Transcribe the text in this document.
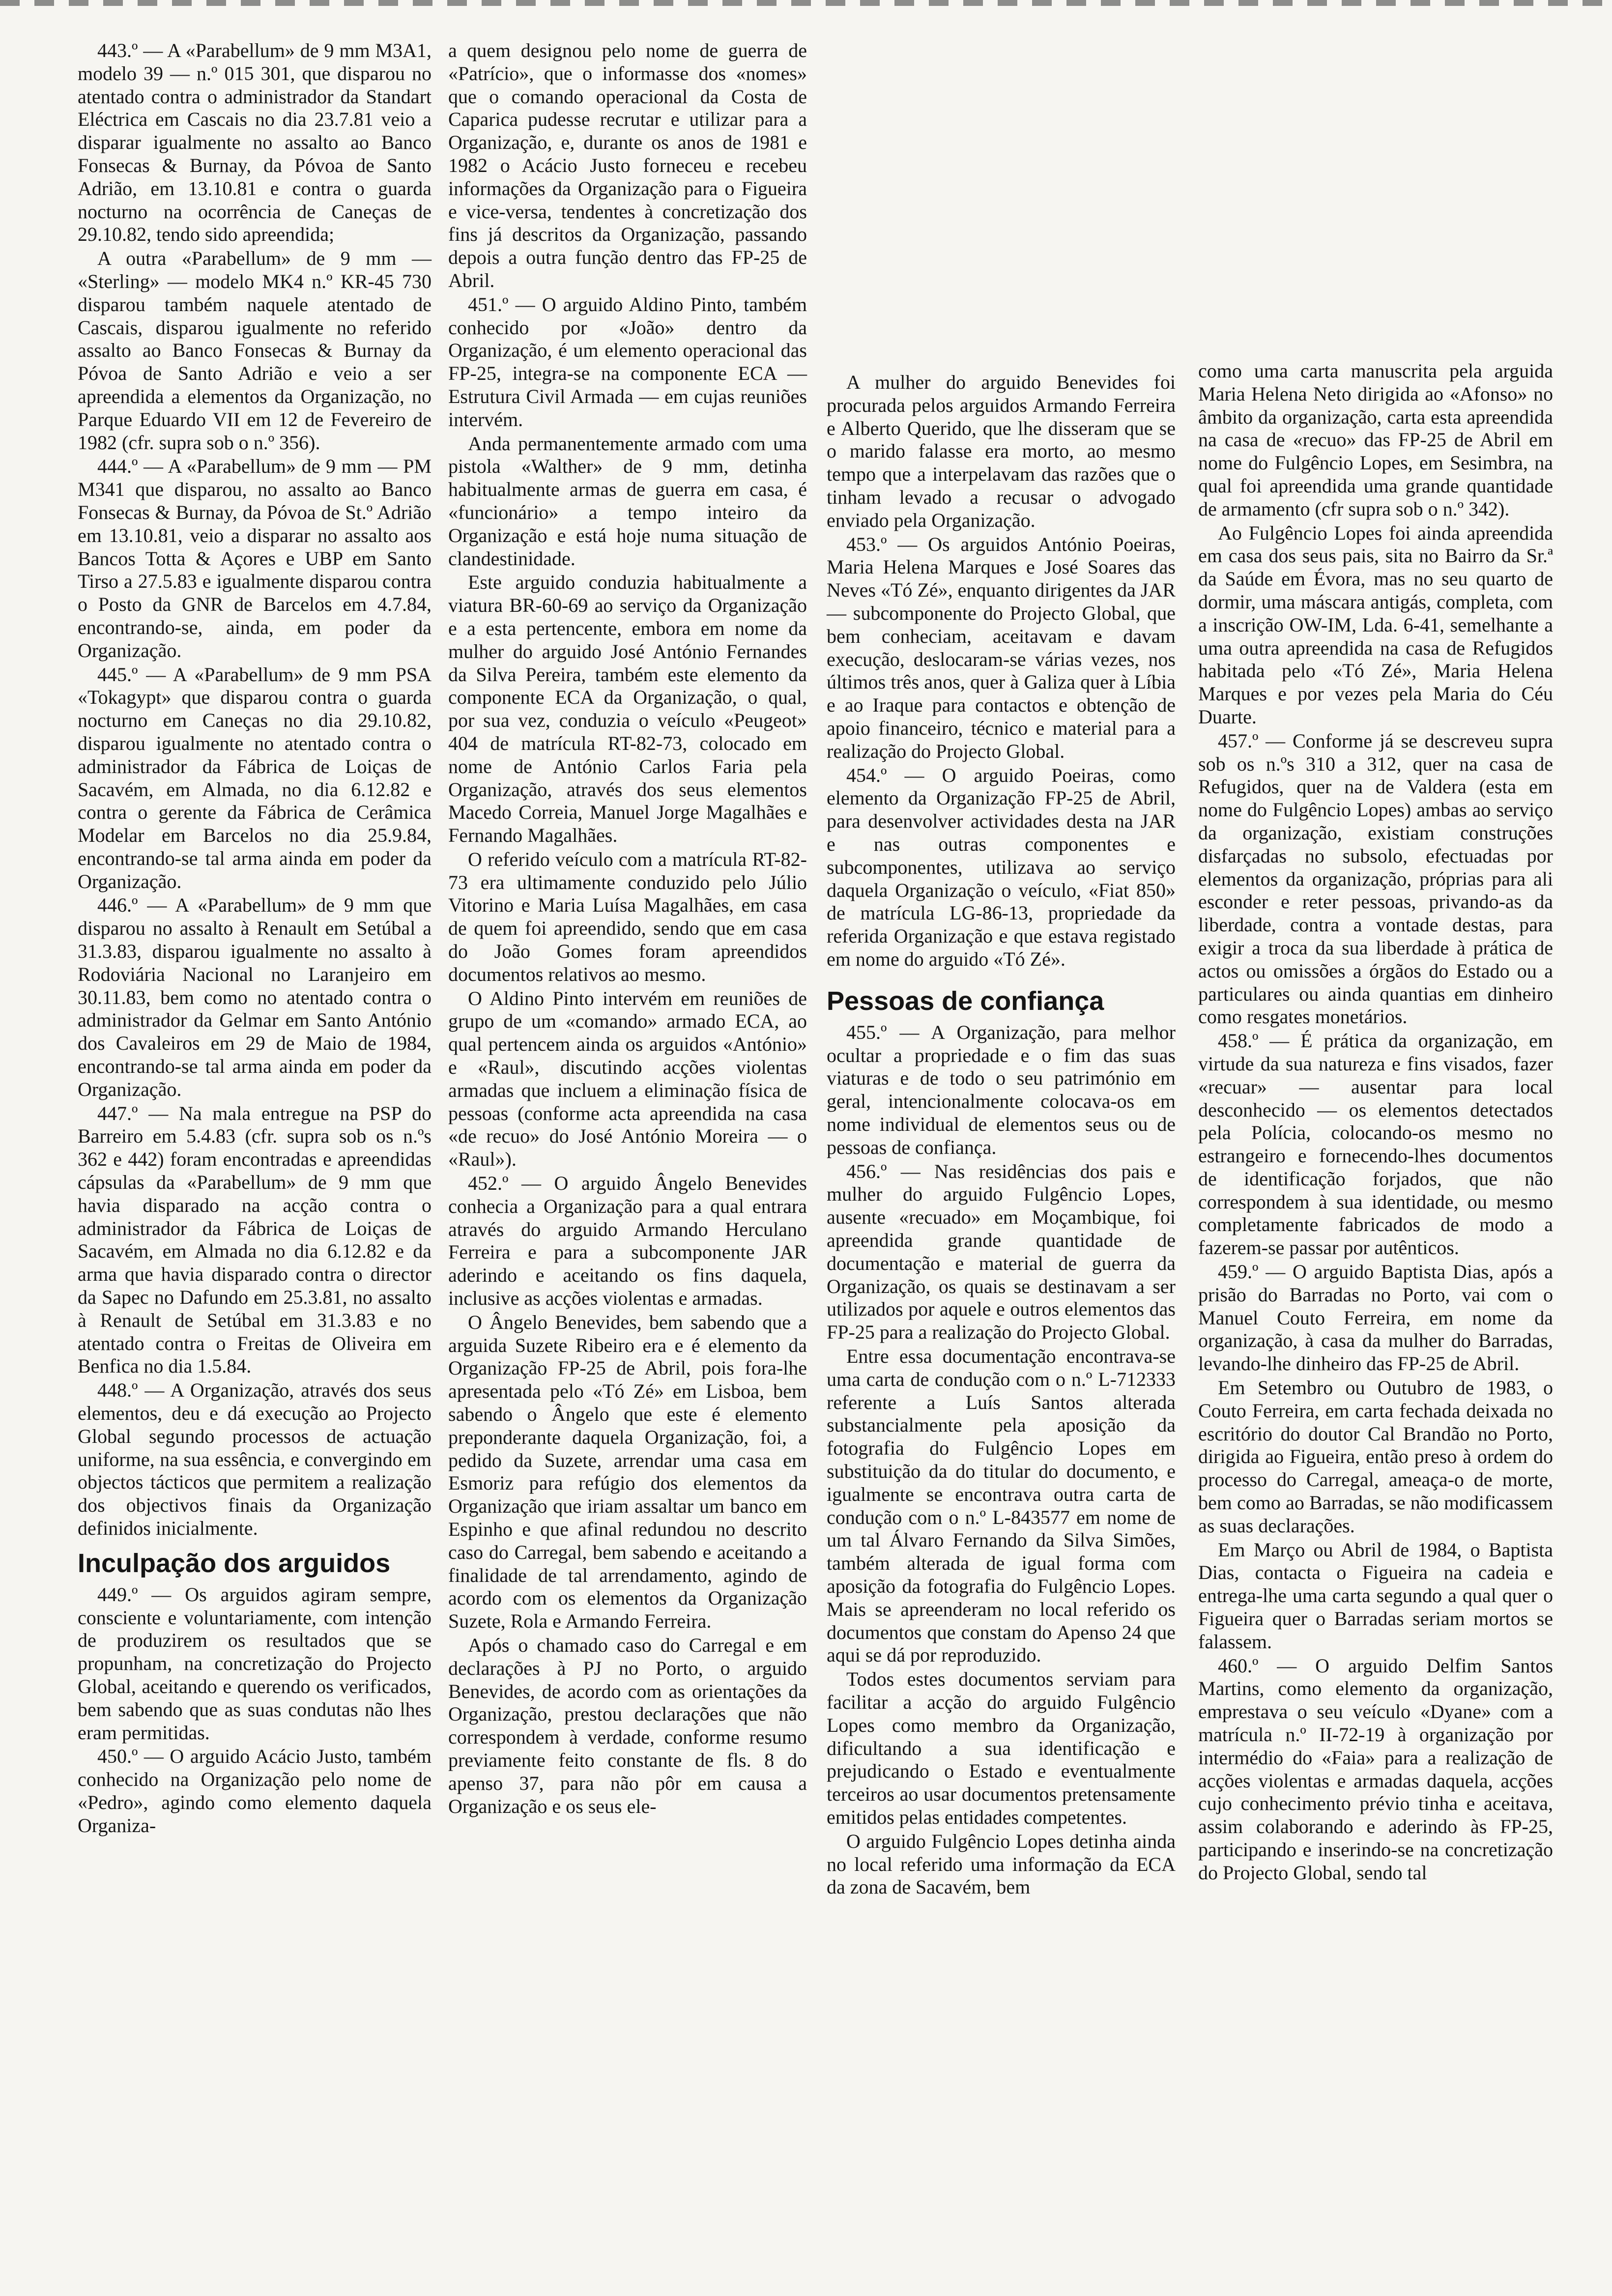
443.º — A «Parabellum» de 9 mm M3A1, modelo 39 — n.º 015 301, que disparou no atentado contra o administrador da Standart Eléctrica em Cascais no dia 23.7.81 veio a disparar igualmente no assalto ao Banco Fonsecas & Burnay, da Póvoa de Santo Adrião, em 13.10.81 e contra o guarda nocturno na ocorrência de Caneças de 29.10.82, tendo sido apreendida;

A outra «Parabellum» de 9 mm — «Sterling» — modelo MK4 n.º KR-45 730 disparou também naquele atentado de Cascais, disparou igualmente no referido assalto ao Banco Fonsecas & Burnay da Póvoa de Santo Adrião e veio a ser apreendida a elementos da Organização, no Parque Eduardo VII em 12 de Fevereiro de 1982 (cfr. supra sob o n.º 356).

444.º — A «Parabellum» de 9 mm — PM M341 que disparou, no assalto ao Banco Fonsecas & Burnay, da Póvoa de St.º Adrião em 13.10.81, veio a disparar no assalto aos Bancos Totta & Açores e UBP em Santo Tirso a 27.5.83 e igualmente disparou contra o Posto da GNR de Barcelos em 4.7.84, encontrando-se, ainda, em poder da Organização.

445.º — A «Parabellum» de 9 mm PSA «Tokagypt» que disparou contra o guarda nocturno em Caneças no dia 29.10.82, disparou igualmente no atentado contra o administrador da Fábrica de Loiças de Sacavém, em Almada, no dia 6.12.82 e contra o gerente da Fábrica de Cerâmica Modelar em Barcelos no dia 25.9.84, encontrando-se tal arma ainda em poder da Organização.

446.º — A «Parabellum» de 9 mm que disparou no assalto à Renault em Setúbal a 31.3.83, disparou igualmente no assalto à Rodoviária Nacional no Laranjeiro em 30.11.83, bem como no atentado contra o administrador da Gelmar em Santo António dos Cavaleiros em 29 de Maio de 1984, encontrando-se tal arma ainda em poder da Organização.

447.º — Na mala entregue na PSP do Barreiro em 5.4.83 (cfr. supra sob os n.ºs 362 e 442) foram encontradas e apreendidas cápsulas da «Parabellum» de 9 mm que havia disparado na acção contra o administrador da Fábrica de Loiças de Sacavém, em Almada no dia 6.12.82 e da arma que havia disparado contra o director da Sapec no Dafundo em 25.3.81, no assalto à Renault de Setúbal em 31.3.83 e no atentado contra o Freitas de Oliveira em Benfica no dia 1.5.84.

448.º — A Organização, através dos seus elementos, deu e dá execução ao Projecto Global segundo processos de actuação uniforme, na sua essência, e convergindo em objectos tácticos que permitem a realização dos objectivos finais da Organização definidos inicialmente.

Inculpação dos arguidos

449.º — Os arguidos agiram sempre, consciente e voluntariamente, com intenção de produzirem os resultados que se propunham, na concretização do Projecto Global, aceitando e querendo os verificados, bem sabendo que as suas condutas não lhes eram permitidas.

450.º — O arguido Acácio Justo, também conhecido na Organização pelo nome de «Pedro», agindo como elemento daquela Organiza-

a quem designou pelo nome de guerra de «Patrício», que o informasse dos «nomes» que o comando operacional da Costa de Caparica pudesse recrutar e utilizar para a Organização, e, durante os anos de 1981 e 1982 o Acácio Justo forneceu e recebeu informações da Organização para o Figueira e vice-versa, tendentes à concretização dos fins já descritos da Organização, passando depois a outra função dentro das FP-25 de Abril.

451.º — O arguido Aldino Pinto, também conhecido por «João» dentro da Organização, é um elemento operacional das FP-25, integra-se na componente ECA — Estrutura Civil Armada — em cujas reuniões intervém.

Anda permanentemente armado com uma pistola «Walther» de 9 mm, detinha habitualmente armas de guerra em casa, é «funcionário» a tempo inteiro da Organização e está hoje numa situação de clandestinidade.

Este arguido conduzia habitualmente a viatura BR-60-69 ao serviço da Organização e a esta pertencente, embora em nome da mulher do arguido José António Fernandes da Silva Pereira, também este elemento da componente ECA da Organização, o qual, por sua vez, conduzia o veículo «Peugeot» 404 de matrícula RT-82-73, colocado em nome de António Carlos Faria pela Organização, através dos seus elementos Macedo Correia, Manuel Jorge Magalhães e Fernando Magalhães.

O referido veículo com a matrícula RT-82-73 era ultimamente conduzido pelo Júlio Vitorino e Maria Luísa Magalhães, em casa de quem foi apreendido, sendo que em casa do João Gomes foram apreendidos documentos relativos ao mesmo.

O Aldino Pinto intervém em reuniões de grupo de um «comando» armado ECA, ao qual pertencem ainda os arguidos «António» e «Raul», discutindo acções violentas armadas que incluem a eliminação física de pessoas (conforme acta apreendida na casa «de recuo» do José António Moreira — o «Raul»).

452.º — O arguido Ângelo Benevides conhecia a Organização para a qual entrara através do arguido Armando Herculano Ferreira e para a subcomponente JAR aderindo e aceitando os fins daquela, inclusive as acções violentas e armadas.

O Ângelo Benevides, bem sabendo que a arguida Suzete Ribeiro era e é elemento da Organização FP-25 de Abril, pois fora-lhe apresentada pelo «Tó Zé» em Lisboa, bem sabendo o Ângelo que este é elemento preponderante daquela Organização, foi, a pedido da Suzete, arrendar uma casa em Esmoriz para refúgio dos elementos da Organização que iriam assaltar um banco em Espinho e que afinal redundou no descrito caso do Carregal, bem sabendo e aceitando a finalidade de tal arrendamento, agindo de acordo com os elementos da Organização Suzete, Rola e Armando Ferreira.

Após o chamado caso do Carregal e em declarações à PJ no Porto, o arguido Benevides, de acordo com as orientações da Organização, prestou declarações que não correspondem à verdade, conforme resumo previamente feito constante de fls. 8 do apenso 37, para não pôr em causa a Organização e os seus ele-

A mulher do arguido Benevides foi procurada pelos arguidos Armando Ferreira e Alberto Querido, que lhe disseram que se o marido falasse era morto, ao mesmo tempo que a interpelavam das razões que o tinham levado a recusar o advogado enviado pela Organização.

453.º — Os arguidos António Poeiras, Maria Helena Marques e José Soares das Neves «Tó Zé», enquanto dirigentes da JAR — subcomponente do Projecto Global, que bem conheciam, aceitavam e davam execução, deslocaram-se várias vezes, nos últimos três anos, quer à Galiza quer à Líbia e ao Iraque para contactos e obtenção de apoio financeiro, técnico e material para a realização do Projecto Global.

454.º — O arguido Poeiras, como elemento da Organização FP-25 de Abril, para desenvolver actividades desta na JAR e nas outras componentes e subcomponentes, utilizava ao serviço daquela Organização o veículo, «Fiat 850» de matrícula LG-86-13, propriedade da referida Organização e que estava registado em nome do arguido «Tó Zé».

Pessoas de confiança

455.º — A Organização, para melhor ocultar a propriedade e o fim das suas viaturas e de todo o seu património em geral, intencionalmente colocava-os em nome individual de elementos seus ou de pessoas de confiança.

456.º — Nas residências dos pais e mulher do arguido Fulgêncio Lopes, ausente «recuado» em Moçambique, foi apreendida grande quantidade de documentação e material de guerra da Organização, os quais se destinavam a ser utilizados por aquele e outros elementos das FP-25 para a realização do Projecto Global.

Entre essa documentação encontrava-se uma carta de condução com o n.º L-712333 referente a Luís Santos alterada substancialmente pela aposição da fotografia do Fulgêncio Lopes em substituição da do titular do documento, e igualmente se encontrava outra carta de condução com o n.º L-843577 em nome de um tal Álvaro Fernando da Silva Simões, também alterada de igual forma com aposição da fotografia do Fulgêncio Lopes. Mais se apreenderam no local referido os documentos que constam do Apenso 24 que aqui se dá por reproduzido.

Todos estes documentos serviam para facilitar a acção do arguido Fulgêncio Lopes como membro da Organização, dificultando a sua identificação e prejudicando o Estado e eventualmente terceiros ao usar documentos pretensamente emitidos pelas entidades competentes.

O arguido Fulgêncio Lopes detinha ainda no local referido uma informação da ECA da zona de Sacavém, bem

como uma carta manuscrita pela arguida Maria Helena Neto dirigida ao «Afonso» no âmbito da organização, carta esta apreendida na casa de «recuo» das FP-25 de Abril em nome do Fulgêncio Lopes, em Sesimbra, na qual foi apreendida uma grande quantidade de armamento (cfr supra sob o n.º 342).

Ao Fulgêncio Lopes foi ainda apreendida em casa dos seus pais, sita no Bairro da Sr.ª da Saúde em Évora, mas no seu quarto de dormir, uma máscara antigás, completa, com a inscrição OW-IM, Lda. 6-41, semelhante a uma outra apreendida na casa de Refugidos habitada pelo «Tó Zé», Maria Helena Marques e por vezes pela Maria do Céu Duarte.

457.º — Conforme já se descreveu supra sob os n.ºs 310 a 312, quer na casa de Refugidos, quer na de Valdera (esta em nome do Fulgêncio Lopes) ambas ao serviço da organização, existiam construções disfarçadas no subsolo, efectuadas por elementos da organização, próprias para ali esconder e reter pessoas, privando-as da liberdade, contra a vontade destas, para exigir a troca da sua liberdade à prática de actos ou omissões a órgãos do Estado ou a particulares ou ainda quantias em dinheiro como resgates monetários.

458.º — É prática da organização, em virtude da sua natureza e fins visados, fazer «recuar» — ausentar para local desconhecido — os elementos detectados pela Polícia, colocando-os mesmo no estrangeiro e fornecendo-lhes documentos de identificação forjados, que não correspondem à sua identidade, ou mesmo completamente fabricados de modo a fazerem-se passar por autênticos.

459.º — O arguido Baptista Dias, após a prisão do Barradas no Porto, vai com o Manuel Couto Ferreira, em nome da organização, à casa da mulher do Barradas, levando-lhe dinheiro das FP-25 de Abril.

Em Setembro ou Outubro de 1983, o Couto Ferreira, em carta fechada deixada no escritório do doutor Cal Brandão no Porto, dirigida ao Figueira, então preso à ordem do processo do Carregal, ameaça-o de morte, bem como ao Barradas, se não modificassem as suas declarações.

Em Março ou Abril de 1984, o Baptista Dias, contacta o Figueira na cadeia e entrega-lhe uma carta segundo a qual quer o Figueira quer o Barradas seriam mortos se falassem.

460.º — O arguido Delfim Santos Martins, como elemento da organização, emprestava o seu veículo «Dyane» com a matrícula n.º II-72-19 à organização por intermédio do «Faia» para a realização de acções violentas e armadas daquela, acções cujo conhecimento prévio tinha e aceitava, assim colaborando e aderindo às FP-25, participando e inserindo-se na concretização do Projecto Global, sendo tal
